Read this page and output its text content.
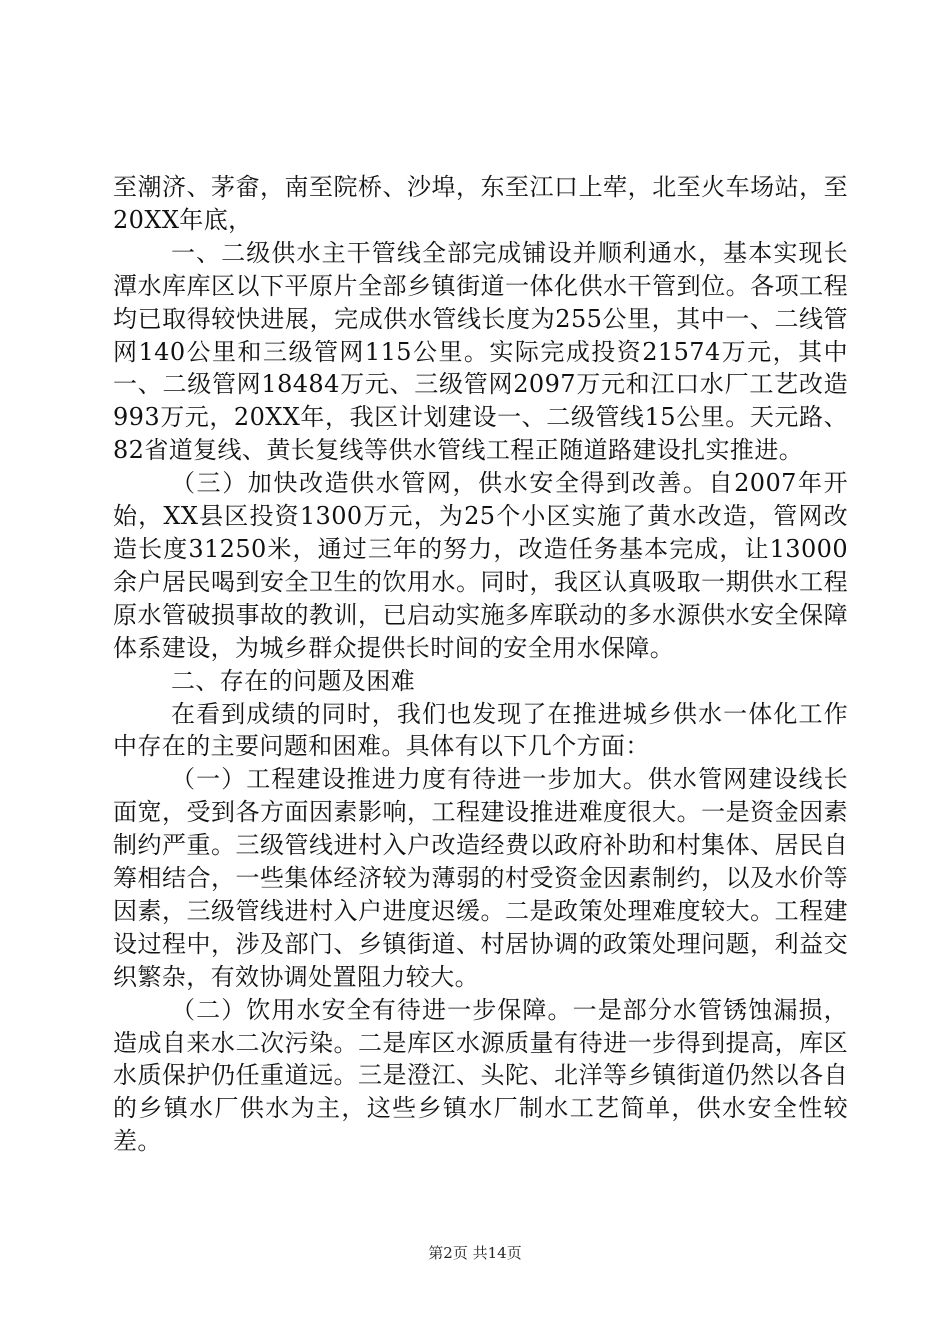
至潮济、茅畲，南至院桥、沙埠，东至江口上荦，北至火车场站，至20XX年底，

一、二级供水主干管线全部完成铺设并顺利通水，基本实现长潭水库库区以下平原片全部乡镇街道一体化供水干管到位。各项工程均已取得较快进展，完成供水管线长度为255公里，其中一、二线管网140公里和三级管网115公里。实际完成投资21574万元，其中一、二级管网18484万元、三级管网2097万元和江口水厂工艺改造993万元，20XX年，我区计划建设一、二级管线15公里。天元路、82省道复线、黄长复线等供水管线工程正随道路建设扎实推进。

（三）加快改造供水管网，供水安全得到改善。自2007年开始，XX县区投资1300万元，为25个小区实施了黄水改造，管网改造长度31250米，通过三年的努力，改造任务基本完成，让13000余户居民喝到安全卫生的饮用水。同时，我区认真吸取一期供水工程原水管破损事故的教训，已启动实施多库联动的多水源供水安全保障体系建设，为城乡群众提供长时间的安全用水保障。

二、存在的问题及困难

在看到成绩的同时，我们也发现了在推进城乡供水一体化工作中存在的主要问题和困难。具体有以下几个方面：

（一）工程建设推进力度有待进一步加大。供水管网建设线长面宽，受到各方面因素影响，工程建设推进难度很大。一是资金因素制约严重。三级管线进村入户改造经费以政府补助和村集体、居民自筹相结合，一些集体经济较为薄弱的村受资金因素制约，以及水价等因素，三级管线进村入户进度迟缓。二是政策处理难度较大。工程建设过程中，涉及部门、乡镇街道、村居协调的政策处理问题，利益交织繁杂，有效协调处置阻力较大。

（二）饮用水安全有待进一步保障。一是部分水管锈蚀漏损，造成自来水二次污染。二是库区水源质量有待进一步得到提高，库区水质保护仍任重道远。三是澄江、头陀、北洋等乡镇街道仍然以各自的乡镇水厂供水为主，这些乡镇水厂制水工艺简单，供水安全性较差。

第2页 共14页
